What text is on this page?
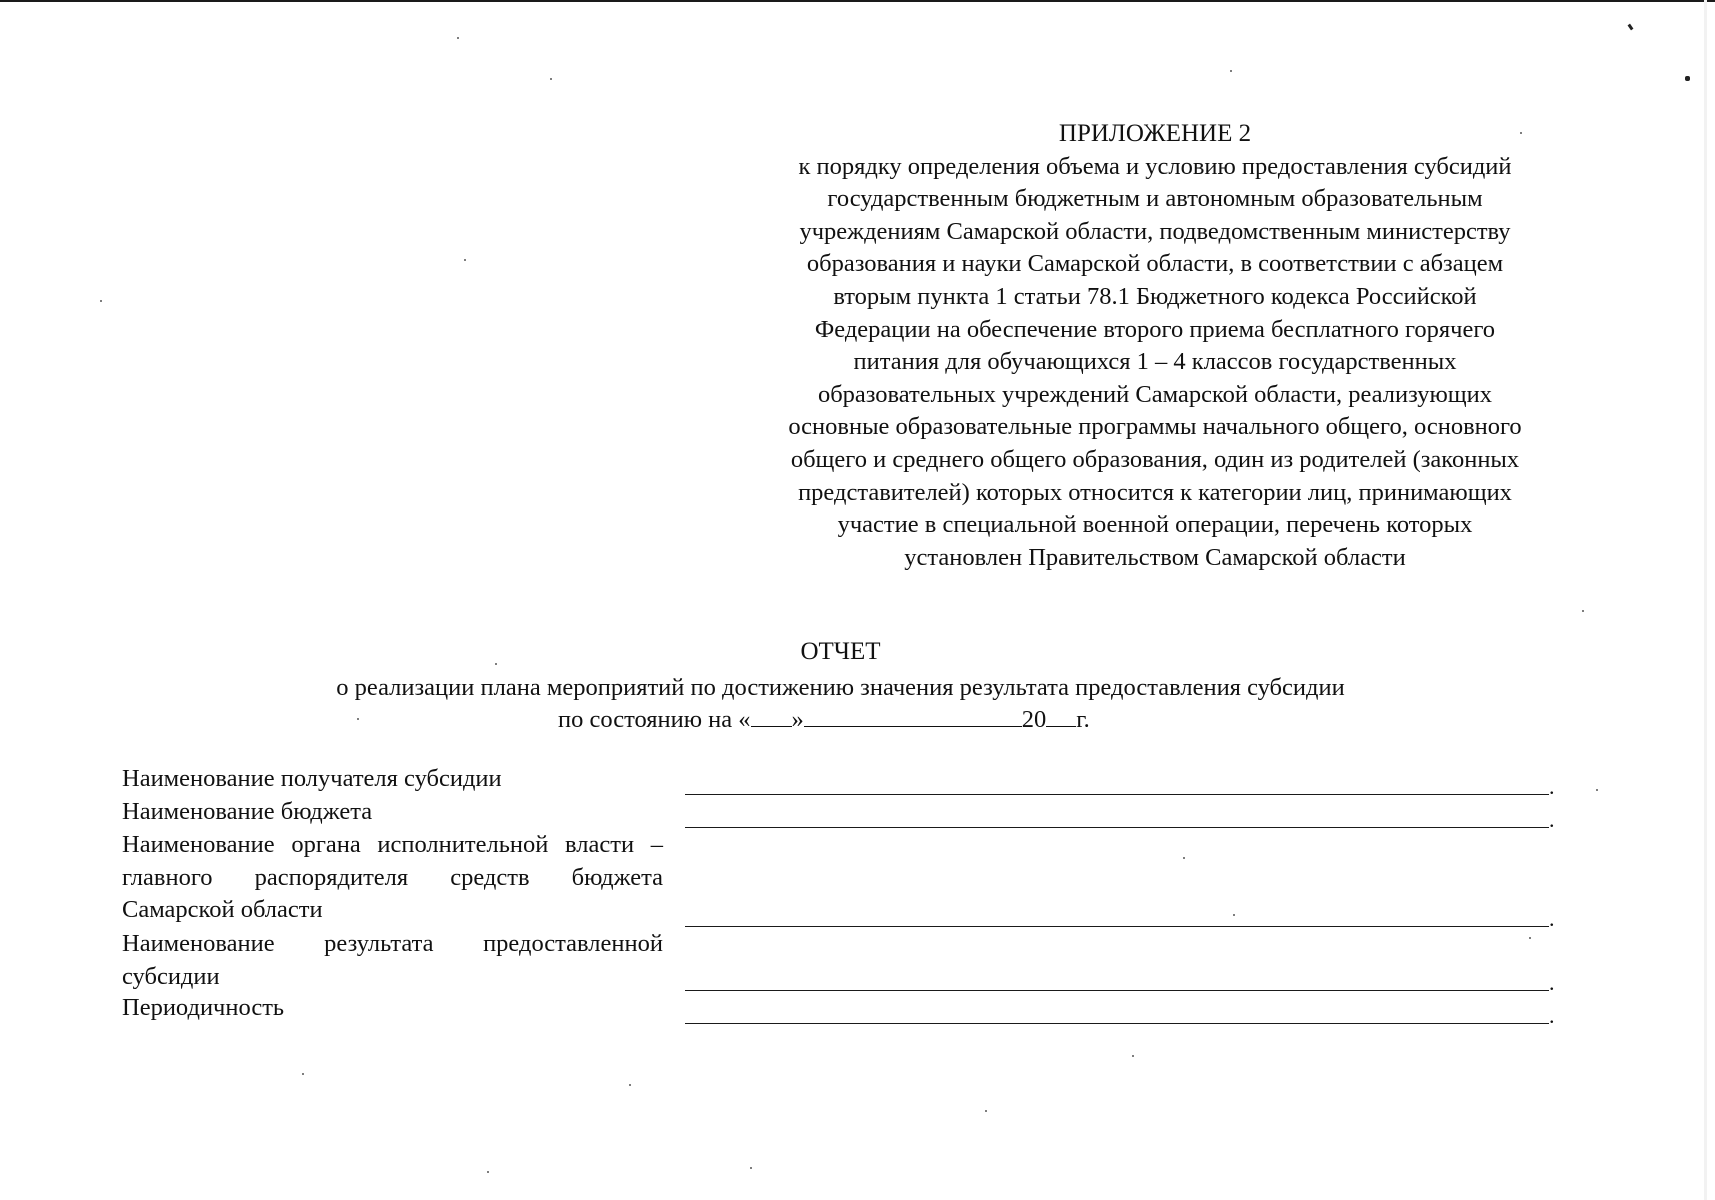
ПРИЛОЖЕНИЕ 2
к порядку определения объема и условию предоставления субсидий
государственным бюджетным и автономным образовательным
учреждениям Самарской области, подведомственным министерству
образования и науки Самарской области, в соответствии с абзацем
вторым пункта 1 статьи 78.1 Бюджетного кодекса Российской
Федерации на обеспечение второго приема бесплатного горячего
питания для обучающихся 1 – 4 классов государственных
образовательных учреждений Самарской области, реализующих
основные образовательные программы начального общего, основного
общего и среднего общего образования, один из родителей (законных
представителей) которых относится к категории лиц, принимающих
участие в специальной военной операции, перечень которых
установлен Правительством Самарской области
ОТЧЕТ
о реализации плана мероприятий по достижению значения результата предоставления субсидии
по состоянию на « »	20 г.
Наименование получателя субсидии	.
Наименование бюджета	.
Наименование органа исполнительной власти – главного распорядителя средств бюджета Самарской области	.
Наименование результата предоставленной субсидии	.
Периодичность	.
